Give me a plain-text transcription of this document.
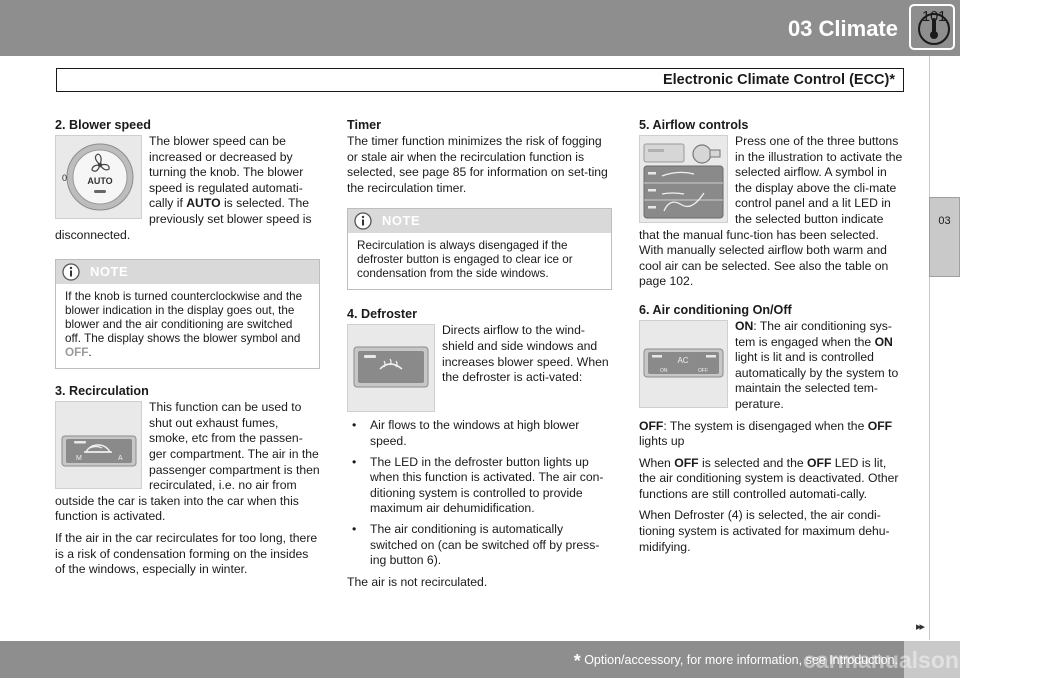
03 Climate
Electronic Climate Control (ECC)*
03
2. Blower speed
AUTO
0

The blower speed can be increased or decreased by turning the knob. The blower speed is regulated automati-cally if AUTO is selected. The previously set blower speed is disconnected.

NOTE
If the knob is turned counterclockwise and the blower indication in the display goes out, the blower and the air conditioning are switched off. The display shows the blower symbol and OFF.
3. Recirculation
M	A

This function can be used to shut out exhaust fumes, smoke, etc from the passen-ger compartment. The air in the passenger compartment is then recirculated, i.e. no air from outside the car is taken into the car when this function is activated.

If the air in the car recirculates for too long, there is a risk of condensation forming on the insides of the windows, especially in winter.

Timer

The timer function minimizes the risk of fogging or stale air when the recirculation function is selected, see page 85 for information on set-ting the recirculation timer.

NOTE
Recirculation is always disengaged if the defroster button is engaged to clear ice or condensation from the side windows.
4. Defroster

Directs airflow to the wind-shield and side windows and increases blower speed. When the defroster is acti-vated:

• Air flows to the windows at high blower speed.
• The LED in the defroster button lights up when this function is activated. The air con-ditioning system is controlled to provide maximum air dehumidification.
• The air conditioning is automatically switched on (can be switched off by press-ing button 6).

The air is not recirculated.

5. Airflow controls

Press one of the three buttons in the illustration to activate the selected airflow. A symbol in the display above the cli-mate control panel and a lit LED in the selected button indicate that the manual func-tion has been selected. With manually selected airflow both warm and cool air can be selected. See also the table on page 102.

6. Air conditioning On/Off
AC
ON	OFF

ON: The air conditioning sys-tem is engaged when the ON light is lit and is controlled automatically by the system to maintain the selected tem-perature.

OFF: The system is disengaged when the OFF lights up

When OFF is selected and the OFF LED is lit, the air conditioning system is deactivated. Other functions are still controlled automati-cally.

When Defroster (4) is selected, the air condi-tioning system is activated for maximum dehu-midifying.

▸▸
* Option/accessory, for more information, see Introduction.
101
carmanualsonline.info
